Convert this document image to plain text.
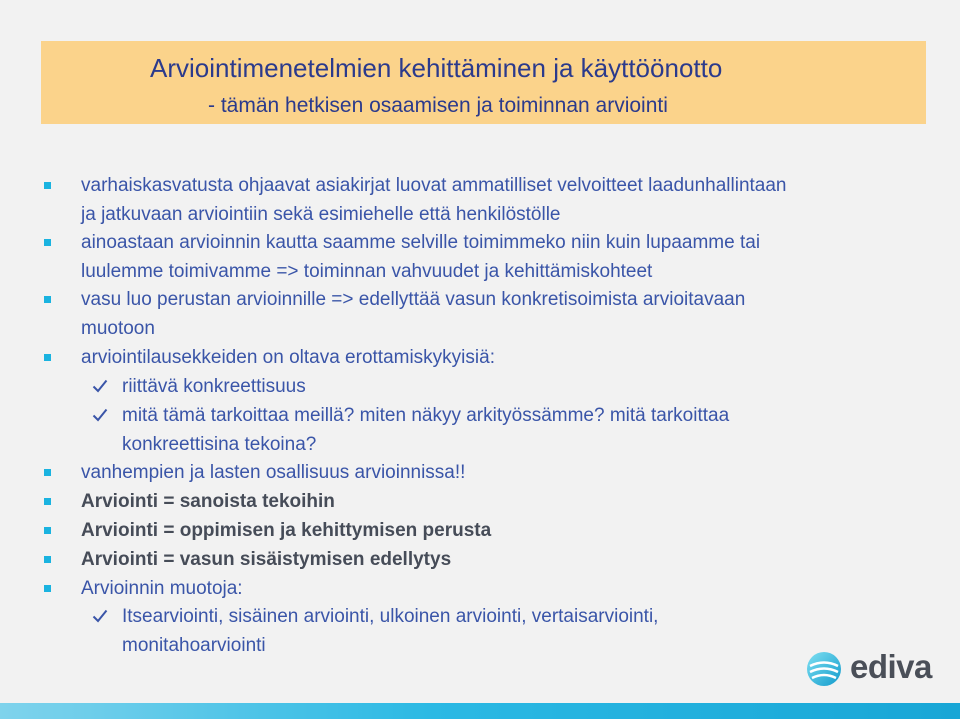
Arviointimenetelmien kehittäminen ja käyttöönotto
- tämän hetkisen osaamisen ja toiminnan arviointi
varhaiskasvatusta ohjaavat asiakirjat luovat ammatilliset velvoitteet laadunhallintaan
ja jatkuvaan arviointiin sekä esimiehelle että henkilöstölle
ainoastaan arvioinnin kautta saamme selville toimimmeko niin kuin lupaamme tai
luulemme toimivamme => toiminnan vahvuudet ja kehittämiskohteet
vasu luo perustan arvioinnille => edellyttää vasun konkretisoimista arvioitavaan
muotoon
arviointilausekkeiden on oltava erottamiskykyisiä:
riittävä konkreettisuus
mitä tämä tarkoittaa meillä? miten näkyy arkityössämme? mitä tarkoittaa
konkreettisina tekoina?
vanhempien ja lasten osallisuus arvioinnissa!!
Arviointi = sanoista tekoihin
Arviointi = oppimisen ja kehittymisen perusta
Arviointi = vasun sisäistymisen edellytys
Arvioinnin muotoja:
Itsearviointi, sisäinen arviointi, ulkoinen arviointi, vertaisarviointi,
monitahoarviointi
ediva
